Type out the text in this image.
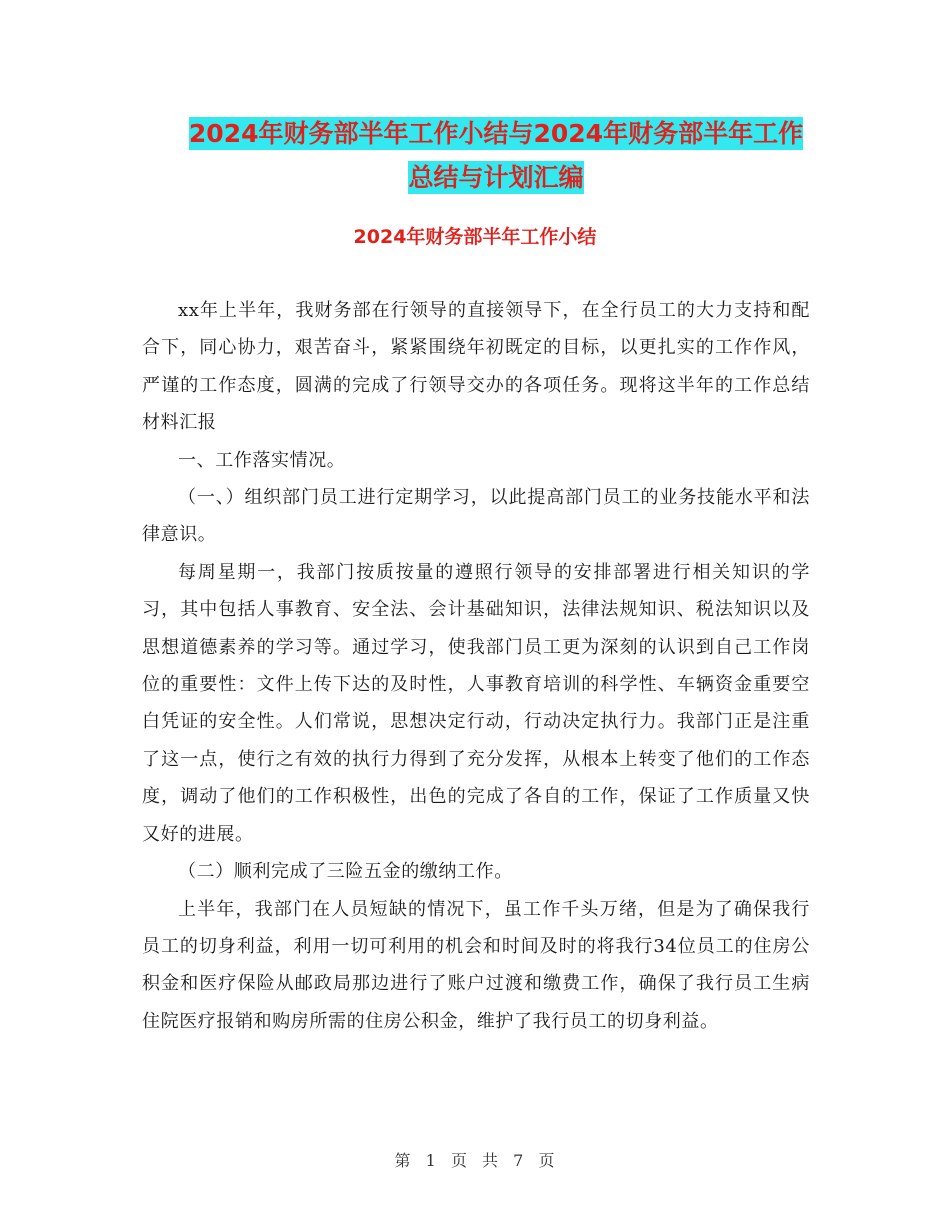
2024年财务部半年工作小结与2024年财务部半年工作
总结与计划汇编
2024年财务部半年工作小结

xx年上半年，我财务部在行领导的直接领导下，在全行员工的大力支持和配合下，同心协力，艰苦奋斗，紧紧围绕年初既定的目标，以更扎实的工作作风，严谨的工作态度，圆满的完成了行领导交办的各项任务。现将这半年的工作总结材料汇报

一、工作落实情况。

（一、）组织部门员工进行定期学习，以此提高部门员工的业务技能水平和法律意识。

每周星期一，我部门按质按量的遵照行领导的安排部署进行相关知识的学习，其中包括人事教育、安全法、会计基础知识，法律法规知识、税法知识以及思想道德素养的学习等。通过学习，使我部门员工更为深刻的认识到自己工作岗位的重要性：文件上传下达的及时性，人事教育培训的科学性、车辆资金重要空白凭证的安全性。人们常说，思想决定行动，行动决定执行力。我部门正是注重了这一点，使行之有效的执行力得到了充分发挥，从根本上转变了他们的工作态度，调动了他们的工作积极性，出色的完成了各自的工作，保证了工作质量又快又好的进展。

（二）顺利完成了三险五金的缴纳工作。

上半年，我部门在人员短缺的情况下，虽工作千头万绪，但是为了确保我行员工的切身利益，利用一切可利用的机会和时间及时的将我行34位员工的住房公积金和医疗保险从邮政局那边进行了账户过渡和缴费工作，确保了我行员工生病住院医疗报销和购房所需的住房公积金，维护了我行员工的切身利益。

第 1 页 共 7 页
